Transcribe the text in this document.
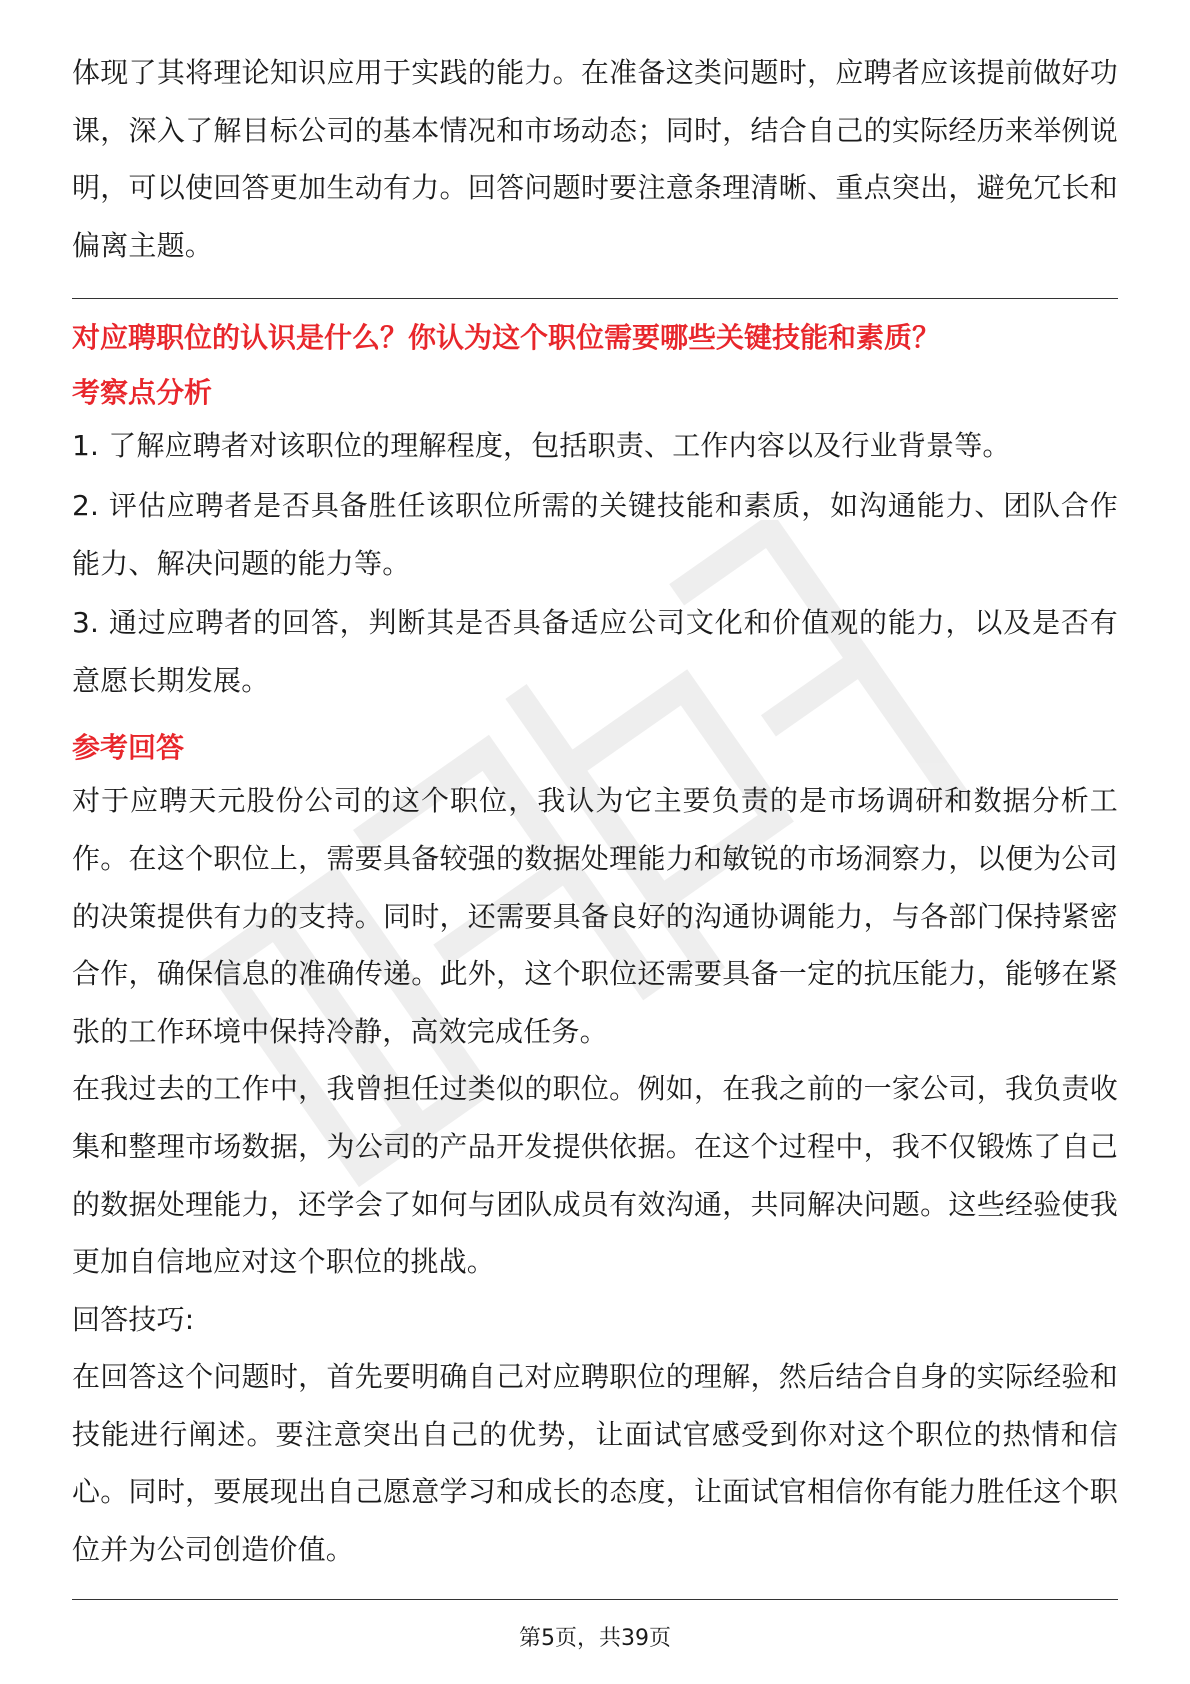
体现了其将理论知识应用于实践的能力。在准备这类问题时，应聘者应该提前做好功课，深入了解目标公司的基本情况和市场动态；同时，结合自己的实际经历来举例说明，可以使回答更加生动有力。回答问题时要注意条理清晰、重点突出，避免冗长和偏离主题。

对应聘职位的认识是什么？你认为这个职位需要哪些关键技能和素质？

考察点分析

1. 了解应聘者对该职位的理解程度，包括职责、工作内容以及行业背景等。

2. 评估应聘者是否具备胜任该职位所需的关键技能和素质，如沟通能力、团队合作能力、解决问题的能力等。

3. 通过应聘者的回答，判断其是否具备适应公司文化和价值观的能力，以及是否有意愿长期发展。

参考回答

对于应聘天元股份公司的这个职位，我认为它主要负责的是市场调研和数据分析工作。在这个职位上，需要具备较强的数据处理能力和敏锐的市场洞察力，以便为公司的决策提供有力的支持。同时，还需要具备良好的沟通协调能力，与各部门保持紧密合作，确保信息的准确传递。此外，这个职位还需要具备一定的抗压能力，能够在紧张的工作环境中保持冷静，高效完成任务。

在我过去的工作中，我曾担任过类似的职位。例如，在我之前的一家公司，我负责收集和整理市场数据，为公司的产品开发提供依据。在这个过程中，我不仅锻炼了自己的数据处理能力，还学会了如何与团队成员有效沟通，共同解决问题。这些经验使我更加自信地应对这个职位的挑战。

回答技巧:

在回答这个问题时，首先要明确自己对应聘职位的理解，然后结合自身的实际经验和技能进行阐述。要注意突出自己的优势，让面试官感受到你对这个职位的热情和信心。同时，要展现出自己愿意学习和成长的态度，让面试官相信你有能力胜任这个职位并为公司创造价值。

第5页，共39页
